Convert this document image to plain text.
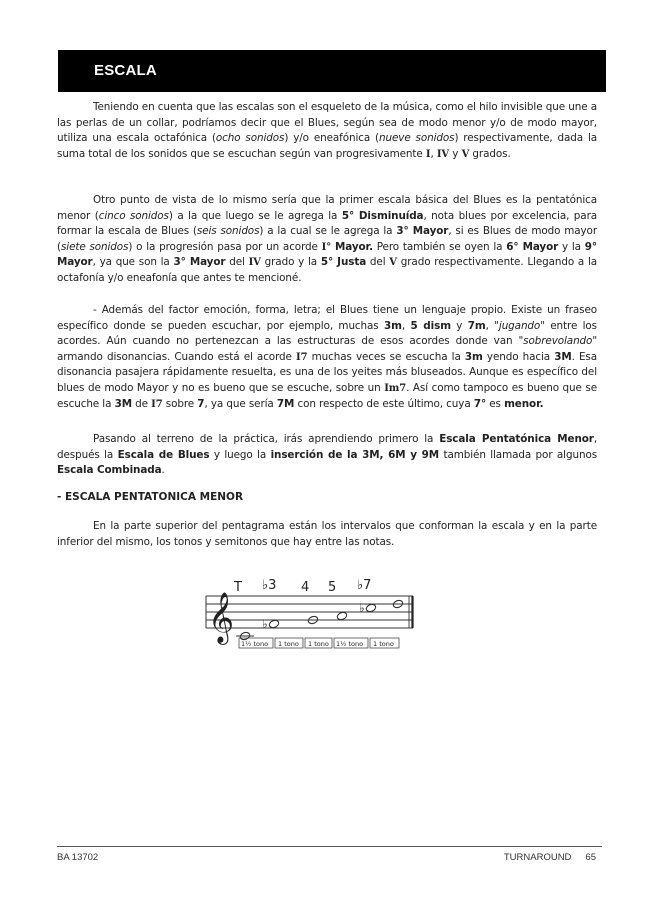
ESCALA

Teniendo en cuenta que las escalas son el esqueleto de la música, como el hilo invisible que une a las perlas de un collar, podríamos decir que el Blues, según sea de modo menor y/o de modo mayor, utiliza una escala octafónica (ocho sonidos) y/o eneafónica (nueve sonidos) respectivamente, dada la suma total de los sonidos que se escuchan según van progresivamente I, IV y V grados.

Otro punto de vista de lo mismo sería que la primer escala básica del Blues es la pentatónica menor (cinco sonidos) a la que luego se le agrega la 5° Disminuída, nota blues por excelencia, para formar la escala de Blues (seis sonidos) a la cual se le agrega la 3° Mayor, si es Blues de modo mayor (siete sonidos) o la progresión pasa por un acorde I° Mayor. Pero también se oyen la 6° Mayor y la 9° Mayor, ya que son la 3° Mayor del IV grado y la 5° Justa del V grado respectivamente. Llegando a la octafonía y/o eneafonía que antes te mencioné.

- Además del factor emoción, forma, letra; el Blues tiene un lenguaje propio. Existe un fraseo específico donde se pueden escuchar, por ejemplo, muchas 3m, 5 dism y 7m, "jugando" entre los acordes. Aún cuando no pertenezcan a las estructuras de esos acordes donde van "sobrevolando" armando disonancias. Cuando está el acorde I7 muchas veces se escucha la 3m yendo hacia 3M. Esa disonancia pasajera rápidamente resuelta, es una de los yeites más bluseados. Aunque es específico del blues de modo Mayor y no es bueno que se escuche, sobre un Im7. Así como tampoco es bueno que se escuche la 3M de I7 sobre 7, ya que sería 7M con respecto de este último, cuya 7° es menor.

Pasando al terreno de la práctica, irás aprendiendo primero la Escala Pentatónica Menor, después la Escala de Blues y luego la inserción de la 3M, 6M y 9M también llamada por algunos Escala Combinada.

- ESCALA PENTATONICA MENOR

En la parte superior del pentagrama están los intervalos que conforman la escala y en la parte inferior del mismo, los tonos y semitonos que hay entre las notas.

𝄞 ♭
♭
T ♭3 4 5 ♭7
1½ tono 1 tono 1 tono 1½ tono 1 tono
BA 13702	TURNAROUND 65
